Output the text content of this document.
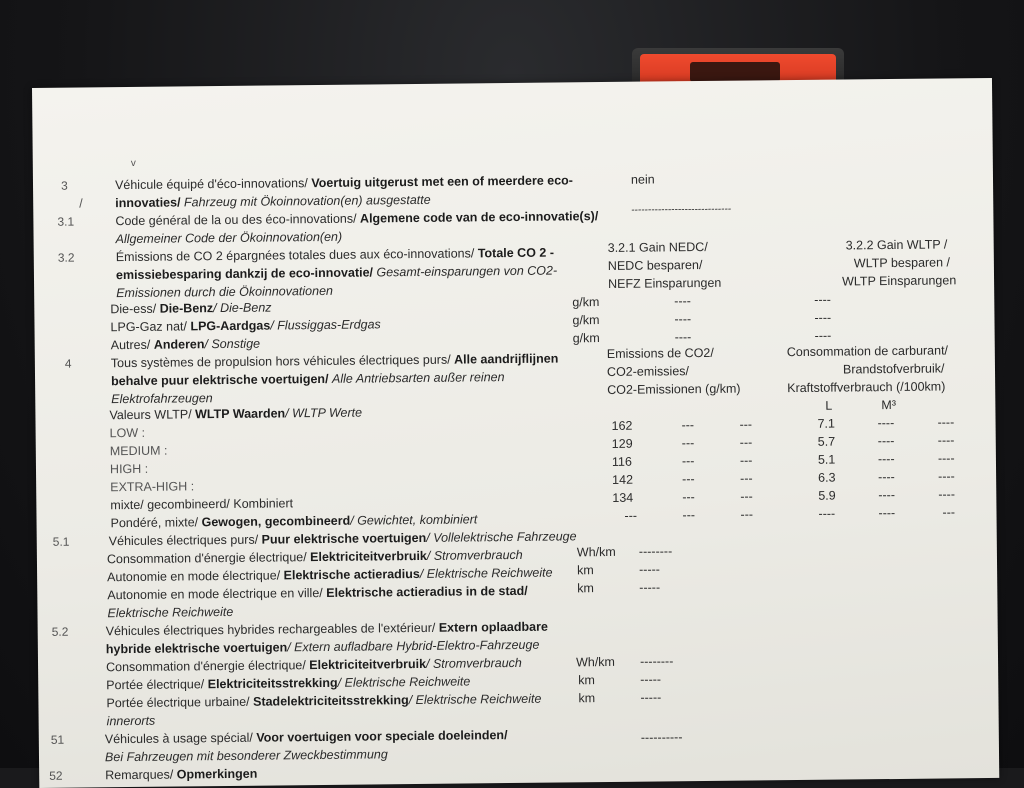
v
3	Véhicule équipé d'éco-innovations/ Voertuig uitgerust met een of meerdere eco-
/	innovaties/ Fahrzeug mit Ökoinnovation(en) ausgestatte
nein
3.1	Code général de la ou des éco-innovations/ Algemene code van de eco-innovatie(s)/
Allgemeiner Code der Ökoinnovation(en)
------------------------------
3.2	Émissions de CO 2 épargnées totales dues aux éco-innovations/ Totale CO 2 -
emissiebesparing dankzij de eco-innovatie/ Gesamt-einsparungen von CO2-
Emissionen durch die Ökoinnovationen
3.2.1 Gain NEDC/
NEDC besparen/
NEFZ Einsparungen
3.2.2 Gain WLTP /
WLTP besparen /
WLTP Einsparungen
Die-ess/ Die-Benz/ Die-Benz	g/km	----	----
LPG-Gaz nat/ LPG-Aardgas/ Flussiggas-Erdgas	g/km	----	----
Autres/ Anderen/ Sonstige	g/km	----	----
4	Tous systèmes de propulsion hors véhicules électriques purs/ Alle aandrijflijnen
behalve puur elektrische voertuigen/ Alle Antriebsarten außer reinen
Elektrofahrzeugen
Emissions de CO2/
CO2-emissies/
CO2-Emissionen (g/km)
Consommation de carburant/
Brandstofverbruik/
Kraftstoffverbrauch (/100km)
Valeurs WLTP/ WLTP Waarden/ WLTP Werte	L	M³
LOW :	162	---	---	7.1	----	----
MEDIUM :	129	---	---	5.7	----	----
HIGH :	116	---	---	5.1	----	----
EXTRA-HIGH :	142	---	---	6.3	----	----
mixte/ gecombineerd/ Kombiniert	134	---	---	5.9	----	----
Pondéré, mixte/ Gewogen, gecombineerd/ Gewichtet, kombiniert	---	---	---	----	----	---
5.1	Véhicules électriques purs/ Puur elektrische voertuigen/ Vollelektrische Fahrzeuge
Consommation d'énergie électrique/ Elektriciteitverbruik/ Stromverbrauch	Wh/km --------
Autonomie en mode électrique/ Elektrische actieradius/ Elektrische Reichweite km	-----
Autonomie en mode électrique en ville/ Elektrische actieradius in de stad/
Elektrische Reichweite
km	-----
5.2	Véhicules électriques hybrides rechargeables de l'extérieur/ Extern oplaadbare
hybride elektrische voertuigen/ Extern aufladbare Hybrid-Elektro-Fahrzeuge
Consommation d'énergie électrique/ Elektriciteitverbruik/ Stromverbrauch	Wh/km --------
Portée électrique/ Elektriciteitsstrekking/ Elektrische Reichweite	km	-----
Portée électrique urbaine/ Stadelektriciteitsstrekking/ Elektrische Reichweite
innerorts
km	-----
51	Véhicules à usage spécial/ Voor voertuigen voor speciale doeleinden/
Bei Fahrzeugen mit besonderer Zweckbestimmung
----------
52	Remarques/ Opmerkingen
